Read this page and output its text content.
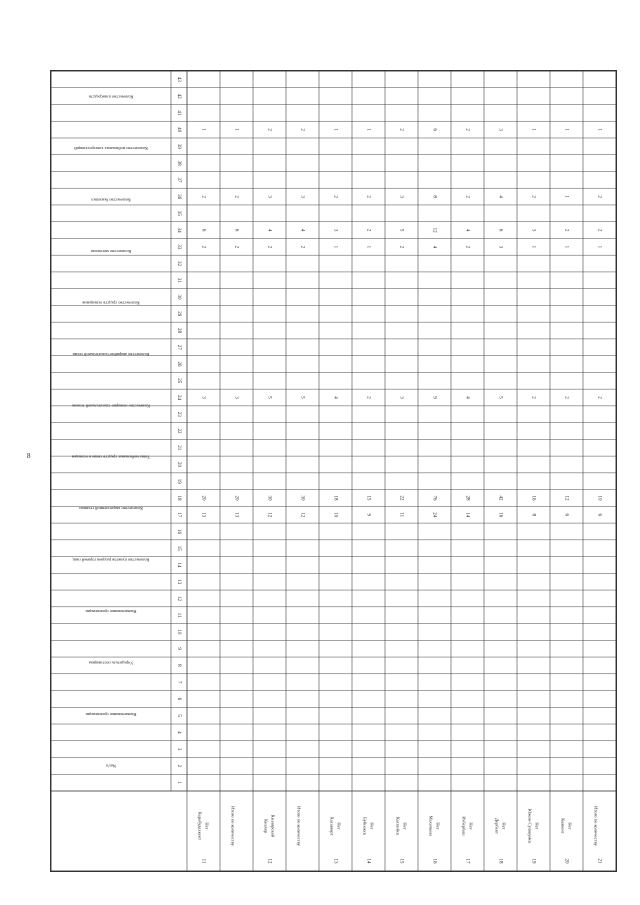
8
43
42
41
40
39
38
37
36
35
34
33
32
31
30
29
28
27
26
25
24
23
22
21
20
19
18
17
16
15
14
13
12
11
10
9
8
7
6
5
4
3
2
1
№п/п
Наименование организации
Учредитель поставщика
Наименование организации
Количество пунктов раздачи горячей пищ
Количество закрепленной техники
Типы мобильных средств связи и оснащен
Количество пожарно-спасательной техник
Количество аварийно-спасательной техни
Количество средств освещения
Количество мотопомп
Количество бензопил
Количество мобильных электростанций
Количество плавсредств
Карабудахкент Нет
11
1
2
6
2
3
20
13
Итого по количеству
1
2
6
2
3
20
13
Кизляр Кизлярский
12
2
3
4
2
5
30
12
Итого по количеству
2
3
4
2
5
30
12
Хасавюрт Нет
13
1
2
3
1
4
18
10
Буйнакск Нет
14
1
2
2
1
2
15
9
Каспийск Нет
15
2
3
5
2
3
22
11
Махачкала Нет
16
6
8
12
4
9
76
24
Избербаш Нет
17
2
2
4
2
4
28
14
Дербент Нет
18
3
4
6
3
5
42
16
Южно-Сухокумск Нет
19
1
2
3
1
2
16
8
Каякент Нет
20
1
1
2
1
2
12
6
Итого по количеству
21
1
2
2
1
2
10
6
